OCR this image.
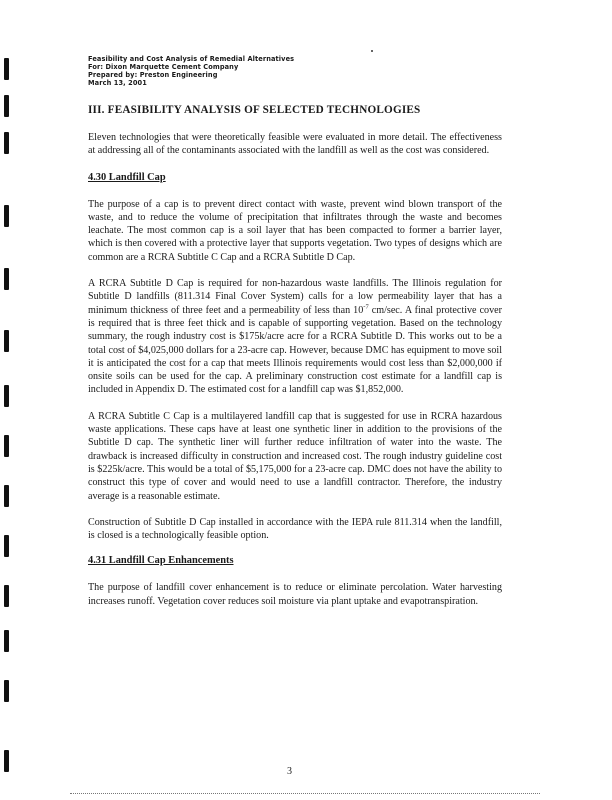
Feasibility and Cost Analysis of Remedial Alternatives
For: Dixon Marquette Cement Company
Prepared by: Preston Engineering
March 13, 2001
III. FEASIBILITY ANALYSIS OF SELECTED TECHNOLOGIES

Eleven technologies that were theoretically feasible were evaluated in more detail. The effectiveness at addressing all of the contaminants associated with the landfill as well as the cost was considered.

4.30 Landfill Cap

The purpose of a cap is to prevent direct contact with waste, prevent wind blown transport of the waste, and to reduce the volume of precipitation that infiltrates through the waste and becomes leachate. The most common cap is a soil layer that has been compacted to former a barrier layer, which is then covered with a protective layer that supports vegetation. Two types of designs which are common are a RCRA Subtitle C Cap and a RCRA Subtitle D Cap.

A RCRA Subtitle D Cap is required for non-hazardous waste landfills. The Illinois regulation for Subtitle D landfills (811.314 Final Cover System) calls for a low permeability layer that has a minimum thickness of three feet and a permeability of less than $10^{-7}$ cm/sec. A final protective cover is required that is three feet thick and is capable of supporting vegetation. Based on the technology summary, the rough industry cost is $175k/acre acre for a RCRA Subtitle D. This works out to be a total cost of $4,025,000 dollars for a 23-acre cap. However, because DMC has equipment to move soil it is anticipated the cost for a cap that meets Illinois requirements would cost less than $2,000,000 if onsite soils can be used for the cap. A preliminary construction cost estimate for a landfill cap is included in Appendix D. The estimated cost for a landfill cap was $1,852,000.

A RCRA Subtitle C Cap is a multilayered landfill cap that is suggested for use in RCRA hazardous waste applications. These caps have at least one synthetic liner in addition to the provisions of the Subtitle D cap. The synthetic liner will further reduce infiltration of water into the waste. The drawback is increased difficulty in construction and increased cost. The rough industry guideline cost is $225k/acre. This would be a total of $5,175,000 for a 23-acre cap. DMC does not have the ability to construct this type of cover and would need to use a landfill contractor. Therefore, the industry average is a reasonable estimate.

Construction of Subtitle D Cap installed in accordance with the IEPA rule 811.314 when the landfill, is closed is a technologically feasible option.

4.31 Landfill Cap Enhancements

The purpose of landfill cover enhancement is to reduce or eliminate percolation. Water harvesting increases runoff. Vegetation cover reduces soil moisture via plant uptake and evapotranspiration.

3
